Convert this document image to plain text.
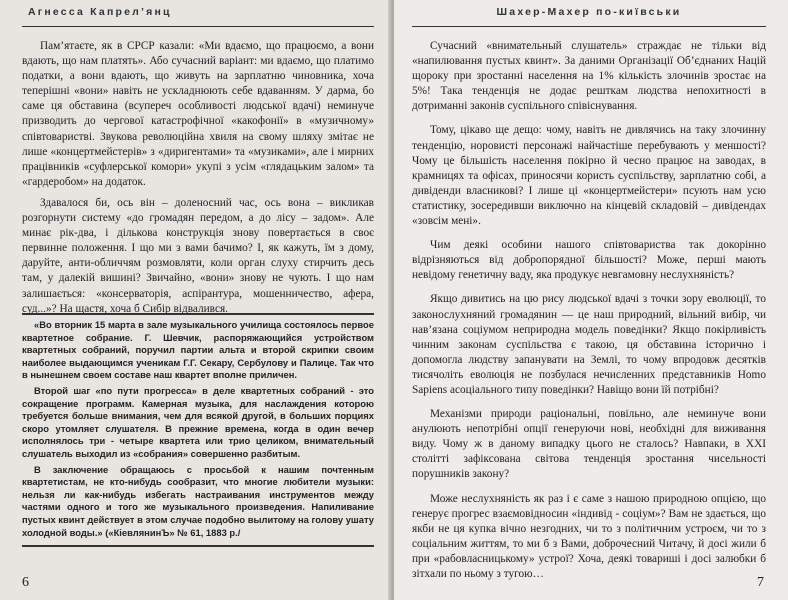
Агнесса Капрел’янц

Пам’ятаєте, як в СРСР казали: «Ми вдаємо, що працюємо, а вони вдають, що нам платять». Або сучасний варіант: ми вдаємо, що платимо податки, а вони вдають, що живуть на зарплатню чиновника, хоча теперішні «вони» навіть не ускладнюють себе вдаванням. У дарма, бо саме ця обставина (всупереч особливості людської вдачі) неминуче призводить до чергової катастрофічної «какофонії» в «музичному» співтоваристві. Звукова революційна хвиля на свому шляху змітає не лише «концертмейстерів» з «диригентами» та «музиками», але і мирних працівників «суфлерської комори» укупі з усім «глядацьким залом» та «гардеробом» на додаток.

Здавалося би, ось він – доленосний час, ось вона – викликав розгорнути систему «до громадян передом, а до лісу – задом». Але минає рік-два, і дількова конструкція знову повертається в своє первинне положення. І що ми з вами бачимо? І, як кажуть, їм з дому, даруйте, анти-обличчям розмовляти, коли орган слуху стирчить десь там, у далекій вишині? Звичайно, «вони» знову не чують. І що нам залишається: «консерваторія, аспірантура, мошенничество, афера, суд...»? На щастя, хоча б Сибір відвалився.

«Во вторник 15 марта в зале музыкального училища состоялось первое квартетное собрание. Г. Шевчик, распоряжающийся устройством квартетных собраний, поручил партии альта и второй скрипки своим наиболее выдающимся ученикам Г.Г. Секару, Сербулову и Палице. Так что в нынешнем своем составе наш квартет вполне приличен.

Второй шаг «по пути прогресса» в деле квартетных собраний - это сокращение программ. Камерная музыка, для наслаждения которою требуется больше внимания, чем для всякой другой, в больших порциях скоро утомляет слушателя. В прежние времена, когда в один вечер исполнялось три - четыре квартета или трио целиком, внимательный слушатель выходил из «собрания» совершенно разбитым.

В заключение обращаюсь с просьбой к нашим почтенным квартетистам, не кто-нибудь сообразит, что многие любители музыки: нельзя ли как-нибудь избегать настраивания инструментов между частями одного и того же музыкального произведения. Напиливание пустых квинт действует в этом случае подобно вылитому на голову ушату холодной воды.» («КіевлянинЪ» № 61, 1883 р./

6
Шахер-Махер по-київськи

Сучасний «внимательный слушатель» страждає не тільки від «напилювання пустых квинт». За даними Організації Об’єднаних Націй щороку при зростанні населення на 1% кількість злочинів зростає на 5%! Така тенденція не додає решткам людства непохитності в дотриманні законів суспільного співіснування.

Тому, цікаво ще дещо: чому, навіть не дивлячись на таку злочинну тенденцію, норовисті персонажі найчастіше перебувають у меншості? Чому це більшість населення покірно й чесно працює на заводах, в крамницях та офісах, приносячи користь суспільству, зарплатню собі, а дивіденди власникові? І лише ці «концертмейстери» псують нам усю статистику, зосередивши виключно на кінцевій складовій – дивідендах «зовсім мені».

Чим деякі особини нашого співтовариства так докорінно відрізняються від добропорядної більшості? Може, перші мають невідому генетичну ваду, яка продукує невгамовну неслухняність?

Якщо дивитись на цю рису людської вдачі з точки зору еволюції, то законослухняний громадянин — це наш природний, вільний вибір, чи нав’язана соціумом неприродна модель поведінки? Якщо покірливість чинним законам суспільства є такою, ця обставина історично і допомогла людству запанувати на Землі, то чому впродовж десятків тисячоліть еволюція не позбулася нечисленних представників Homo Sapiens асоціального типу поведінки? Навіщо вони їй потрібні?

Механізми природи раціональні, повільно, але неминуче вони анулюють непотрібні опції генеруючи нові, необхідні для виживання виду. Чому ж в даному випадку цього не сталось? Навпаки, в XXI столітті зафіксована світова тенденція зростання чисельності порушників закону?

Може неслухняність як раз і є саме з нашою природною опцією, що генерує прогрес взаємовідносин «індивід - соціум»? Вам не здається, що якби не ця купка вічно незгодних, чи то з політичним устроєм, чи то з соціальним життям, то ми б з Вами, доброчесний Читачу, й досі жили б при «рабовласницькому» устрої? Хоча, деякі товариші і досі залюбки б зітхали по ньому з тугою…

7
